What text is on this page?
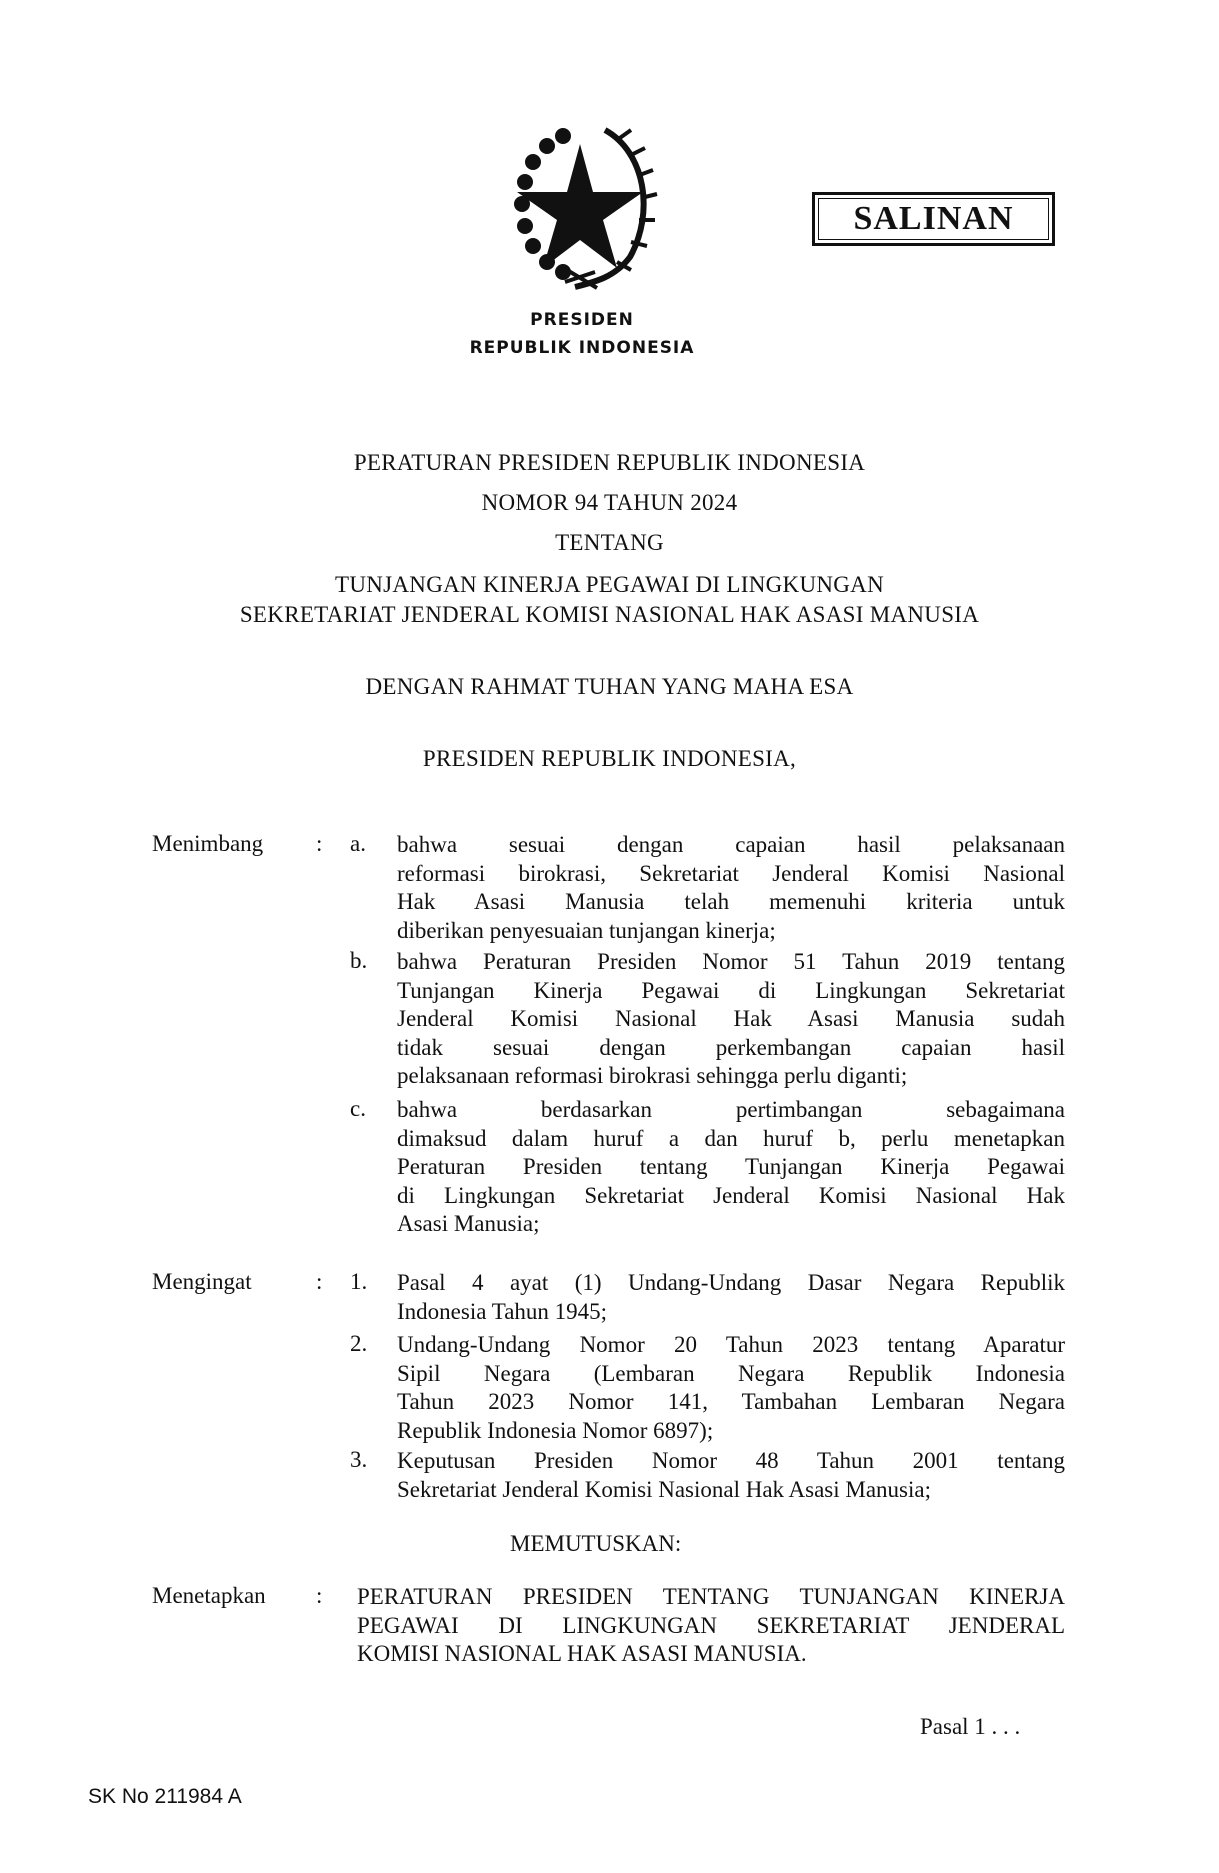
SALINAN
PRESIDEN
REPUBLIK INDONESIA
PERATURAN PRESIDEN REPUBLIK INDONESIA
NOMOR 94 TAHUN 2024
TENTANG
TUNJANGAN KINERJA PEGAWAI DI LINGKUNGAN
SEKRETARIAT JENDERAL KOMISI NASIONAL HAK ASASI MANUSIA
DENGAN RAHMAT TUHAN YANG MAHA ESA
PRESIDEN REPUBLIK INDONESIA,
Menimbang : a. bahwa sesuai dengan capaian hasil pelaksanaan
reformasi birokrasi, Sekretariat Jenderal Komisi Nasional
Hak Asasi Manusia telah memenuhi kriteria untuk
diberikan penyesuaian tunjangan kinerja;
b. bahwa Peraturan Presiden Nomor 51 Tahun 2019 tentang
Tunjangan Kinerja Pegawai di Lingkungan Sekretariat
Jenderal Komisi Nasional Hak Asasi Manusia sudah
tidak sesuai dengan perkembangan capaian hasil
pelaksanaan reformasi birokrasi sehingga perlu diganti;
c. bahwa berdasarkan pertimbangan sebagaimana
dimaksud dalam huruf a dan huruf b, perlu menetapkan
Peraturan Presiden tentang Tunjangan Kinerja Pegawai
di Lingkungan Sekretariat Jenderal Komisi Nasional Hak
Asasi Manusia;
Mengingat	: 1. Pasal 4 ayat (1) Undang-Undang Dasar Negara Republik
Indonesia Tahun 1945;
2. Undang-Undang Nomor 20 Tahun 2023 tentang Aparatur
Sipil Negara (Lembaran Negara Republik Indonesia
Tahun 2023 Nomor 141, Tambahan Lembaran Negara
Republik Indonesia Nomor 6897);
3. Keputusan Presiden Nomor 48 Tahun 2001 tentang
Sekretariat Jenderal Komisi Nasional Hak Asasi Manusia;
MEMUTUSKAN:
Menetapkan : PERATURAN PRESIDEN TENTANG TUNJANGAN KINERJA
PEGAWAI DI LINGKUNGAN SEKRETARIAT JENDERAL
KOMISI NASIONAL HAK ASASI MANUSIA.
Pasal 1 . . .
SK No 211984 A
